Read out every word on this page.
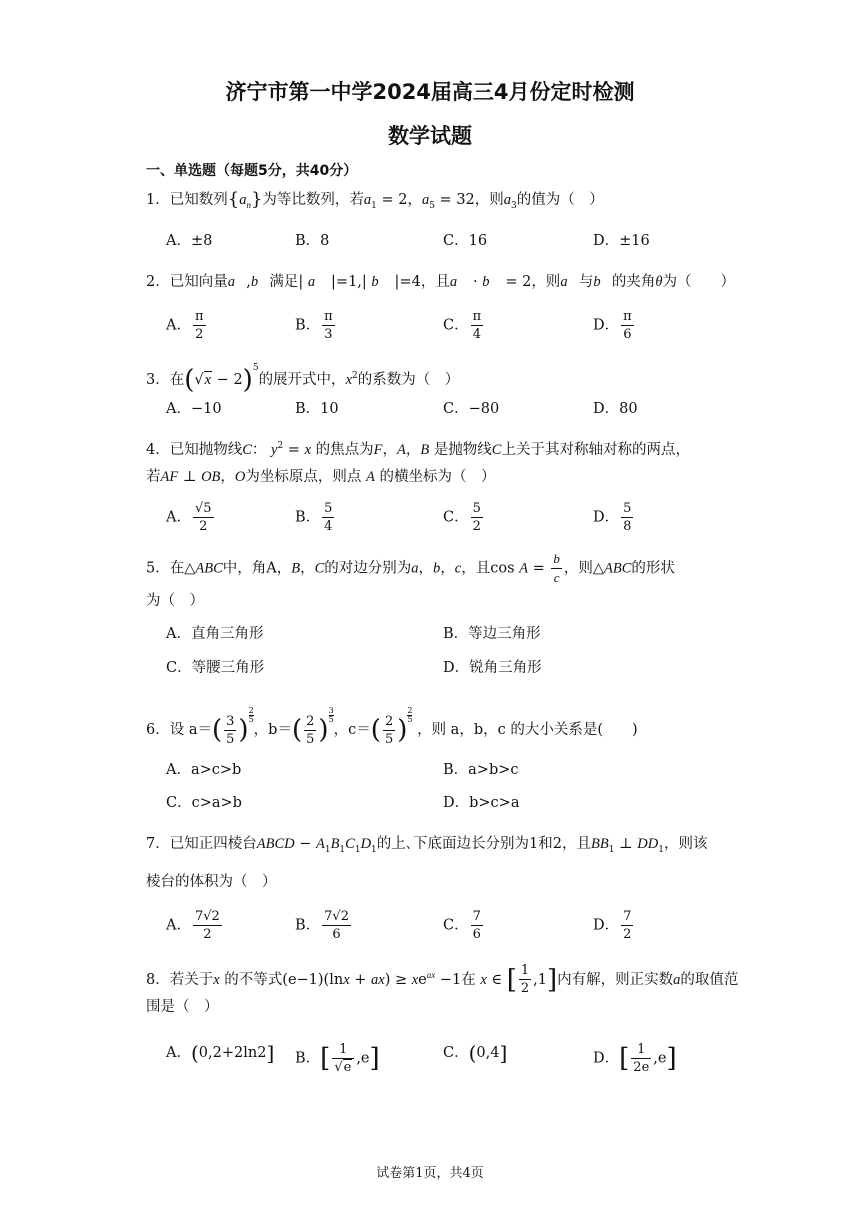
济宁市第一中学2024届高三4月份定时检测
数学试题
一、单选题（每题5分，共40分）
1．已知数列$\{a_n\}$为等比数列，若$a_1 = 2$，$a_5 = 32$，则$a_3$的值为（　）
A．±8	B．8	C．16	D．±16
2．已知向量a⃗,b⃗满足| a⃗ |=1,| b⃗ |=4，且a⃗ · b⃗ = 2，则a⃗与b⃗的夹角θ为（　　）
A． $\frac{\pi}{2}$	B． $\frac{\pi}{3}$	C． $\frac{\pi}{4}$	D． $\frac{\pi}{6}$
3．在$(√x - 2)^5$的展开式中，$x^2$的系数为（　）
A．−10	B．10	C．−80	D．80
4．已知抛物线C： $y^2 = x$ 的焦点为F，A，B 是抛物线C上关于其对称轴对称的两点，
若AF ⊥ OB，O为坐标原点，则点 A 的横坐标为（　）
A． $\frac{√5}{2}$	B． $\frac{5}{4}$	C． $\frac{5}{2}$	D． $\frac{5}{8}$
5．在△ABC中，角A，B，C的对边分别为a，b，c，且$\cos A = \frac{b}{c}$ ，则△ABC的形状
为（　）
A．直角三角形	B．等边三角形
C．等腰三角形	D．锐角三角形
6．设 $a=( \frac{3}{5}$ ) $\frac{2}{5}$
，$b=( \frac{2}{5}$ ) $\frac{3}{5}$
，$c=( \frac{2}{5}$ ) $\frac{2}{5}$
，则 a，b，c 的大小关系是(　　)
A．a>c>b	B．a>b>c
C．c>a>b	D．b>c>a
7．已知正四棱台ABCD − $A_1B_1C_1D_1$的上､下底面边长分别为1和2，且$BB_1$ ⊥ $DD_1$，则该
棱台的体积为（　）
A． $\frac{7√2}{2}$	B． $\frac{7√2}{6}$	C． $\frac{7}{6}$	D． $\frac{7}{2}$
8．若关于x 的不等式$(e-1)(\ln x + ax) \ge xe^{ax} -1$在 x ∈ [ $\frac{1}{2} ,1$]内有解，则正实数a的取值范
围是（　）
A．(0,2+2ln2] B．[ $\frac{1}{√e} ,e$]	C．(0,4]	D．[ $\frac{1}{2e} ,e$]
试卷第1页，共4页
